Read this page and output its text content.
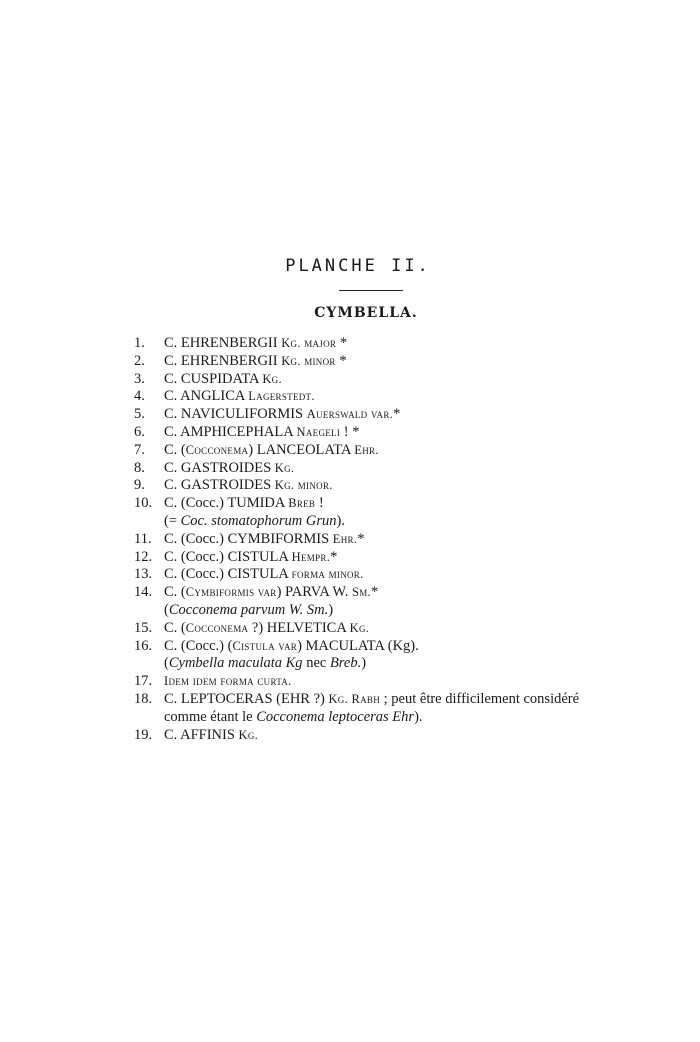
PLANCHE II.
CYMBELLA.
1. C. EHRENBERGII Kg. major *
2. C. EHRENBERGII Kg. minor *
3. C. CUSPIDATA Kg.
4. C. ANGLICA Lagerstedt.
5. C. NAVICULIFORMIS Auerswald var.*
6. C. AMPHICEPHALA Naegeli ! *
7. C. (Cocconema) LANCEOLATA Ehr.
8. C. GASTROIDES Kg.
9. C. GASTROIDES Kg. minor.
10. C. (Cocc.) TUMIDA Breb !
(= Coc. stomatophorum Grun).
11. C. (Cocc.) CYMBIFORMIS Ehr.*
12. C. (Cocc.) CISTULA Hempr.*
13. C. (Cocc.) CISTULA forma minor.
14. C. (Cymbiformis var) PARVA W. Sm.*
(Cocconema parvum W. Sm.)
15. C. (Cocconema ?) HELVETICA Kg.
16. C. (Cocc.) (Cistula var) MACULATA (Kg).
(Cymbella maculata Kg nec Breb.)
17. Idem idem forma curta.
18. C. LEPTOCERAS (EHR ?) Kg. Rabh ; peut être difficilement considéré
comme étant le Cocconema leptoceras Ehr).
19. C. AFFINIS Kg.
